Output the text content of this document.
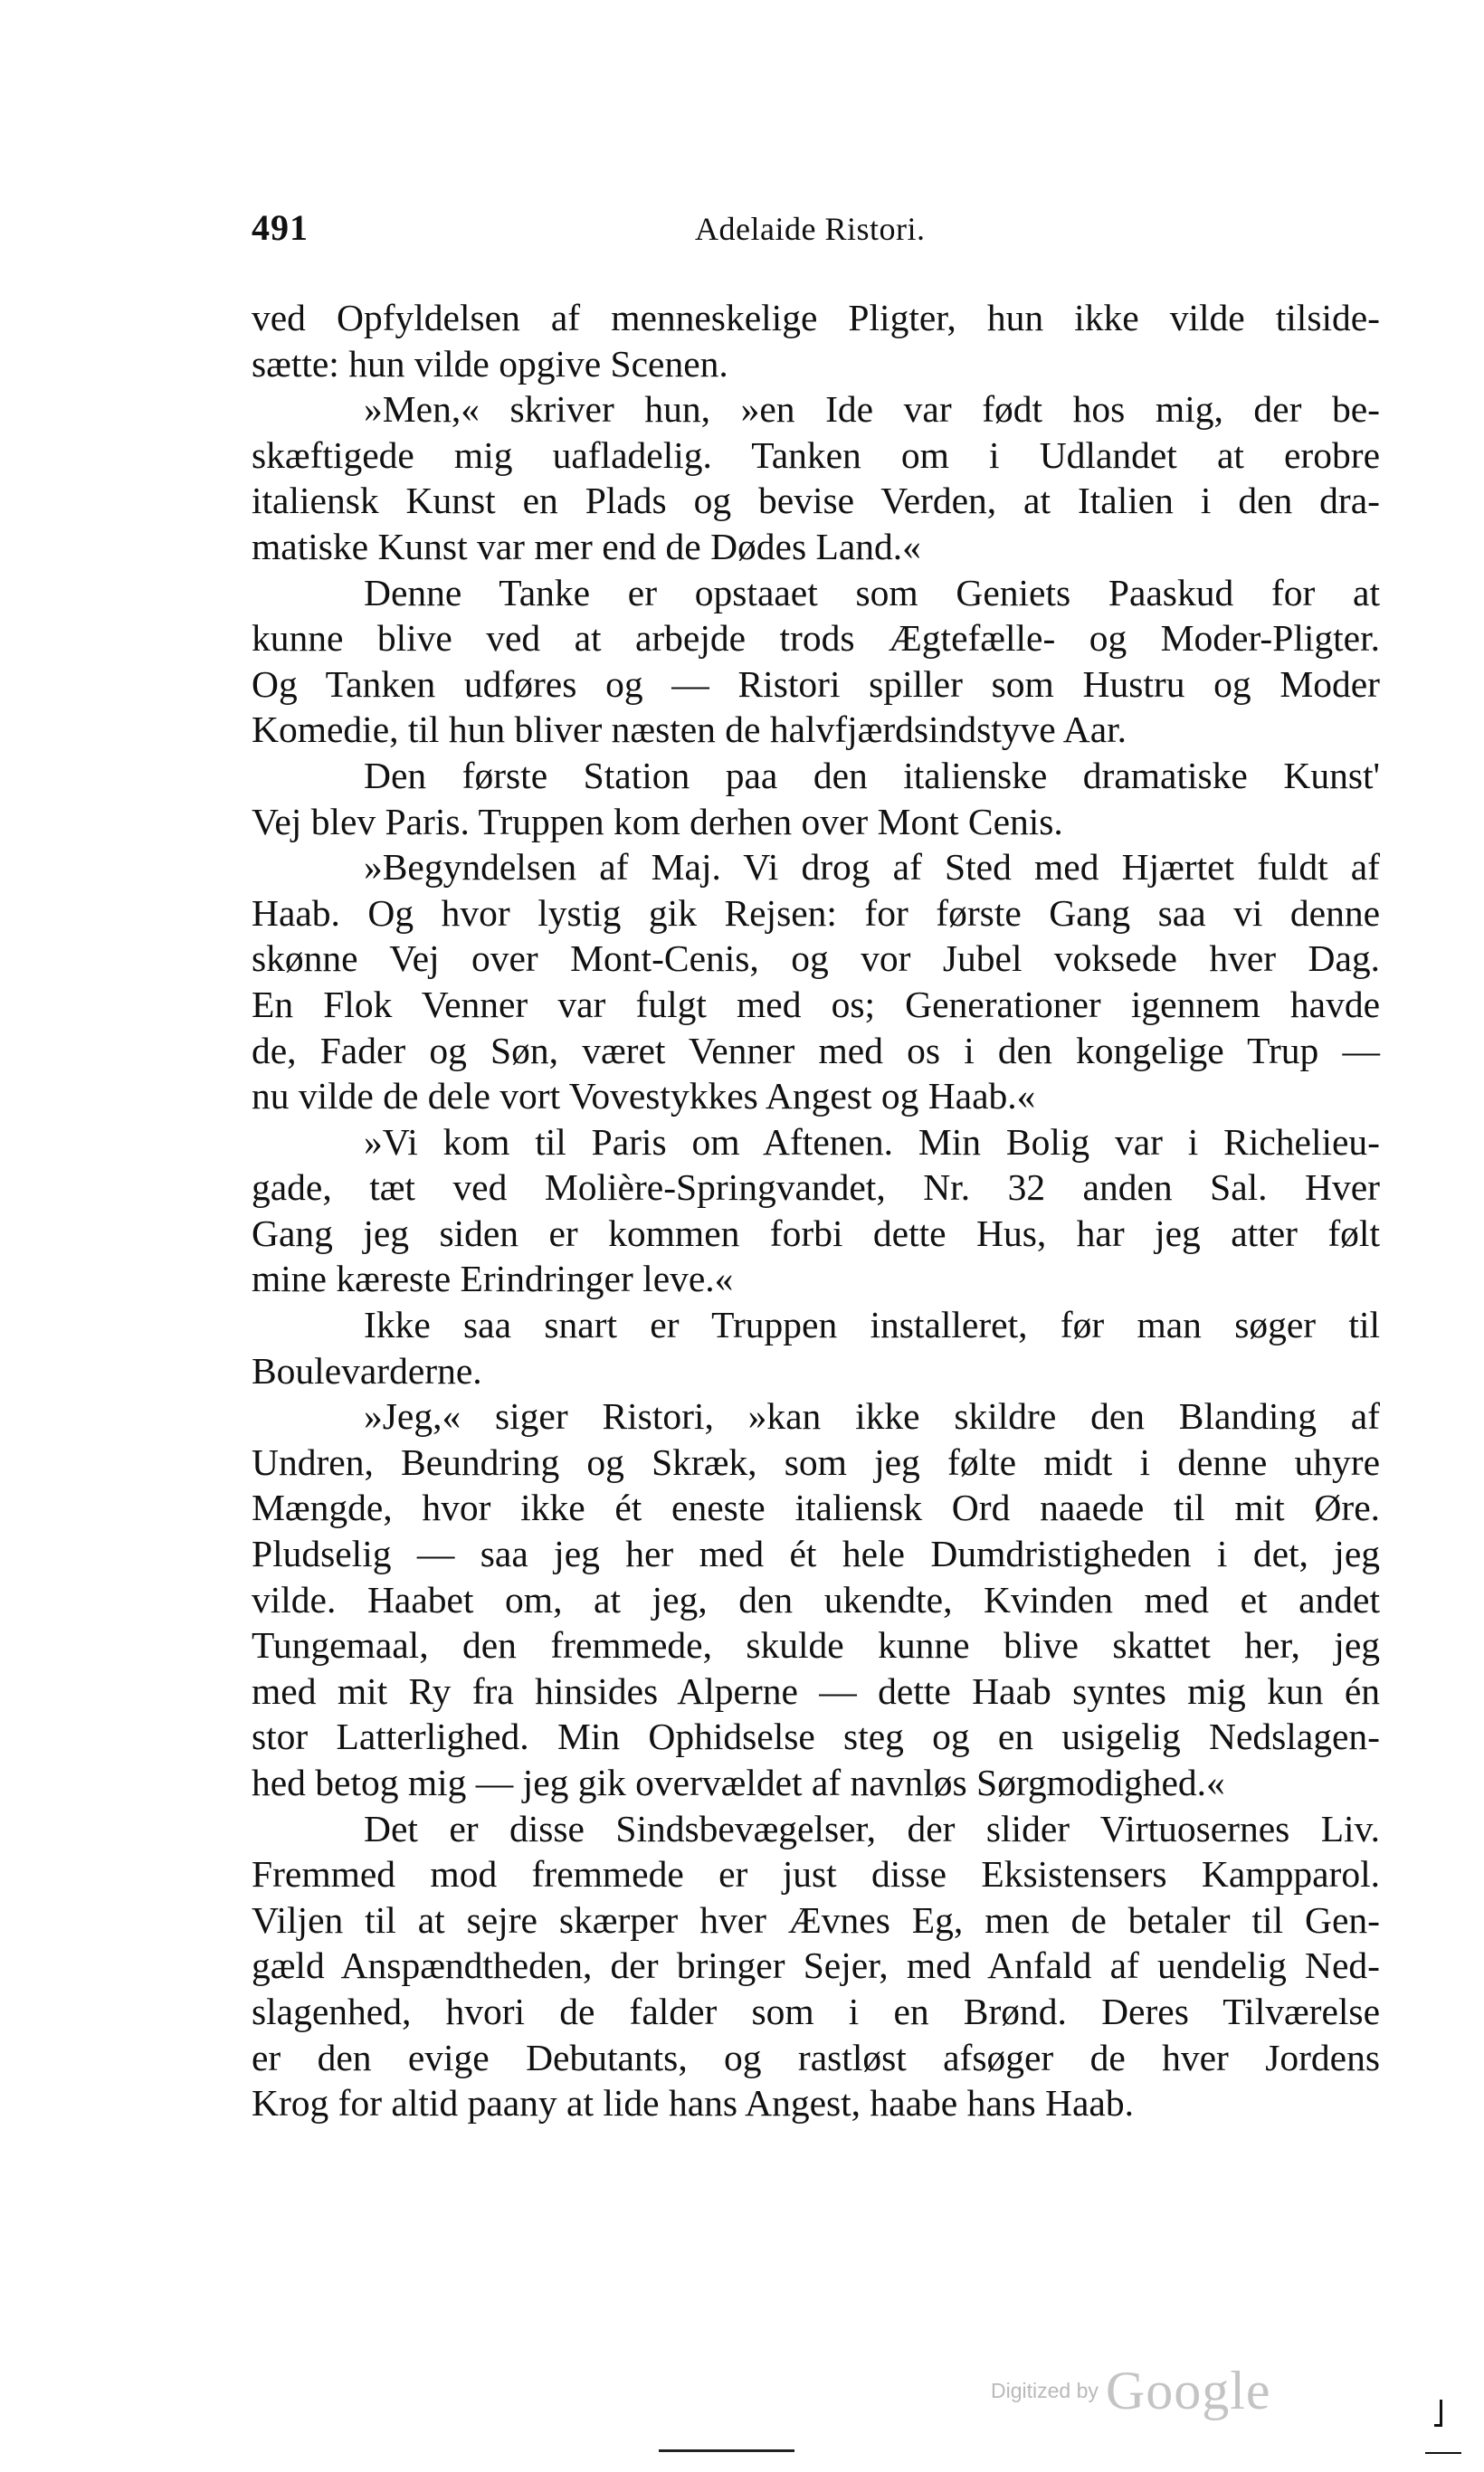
491	Adelaide Ristori.
ved Opfyldelsen af menneskelige Pligter, hun ikke vilde tilside-
sætte: hun vilde opgive Scenen.
»Men,« skriver hun, »en Ide var født hos mig, der be-
skæftigede mig uafladelig. Tanken om i Udlandet at erobre
italiensk Kunst en Plads og bevise Verden, at Italien i den dra-
matiske Kunst var mer end de Dødes Land.«
Denne Tanke er opstaaet som Geniets Paaskud for at
kunne blive ved at arbejde trods Ægtefælle- og Moder-Pligter.
Og Tanken udføres og — Ristori spiller som Hustru og Moder
Komedie, til hun bliver næsten de halvfjærdsindstyve Aar.
Den første Station paa den italienske dramatiske Kunst'
Vej blev Paris. Truppen kom derhen over Mont Cenis.
»Begyndelsen af Maj. Vi drog af Sted med Hjærtet fuldt af
Haab. Og hvor lystig gik Rejsen: for første Gang saa vi denne
skønne Vej over Mont-Cenis, og vor Jubel voksede hver Dag.
En Flok Venner var fulgt med os; Generationer igennem havde
de, Fader og Søn, været Venner med os i den kongelige Trup —
nu vilde de dele vort Vovestykkes Angest og Haab.«
»Vi kom til Paris om Aftenen. Min Bolig var i Richelieu-
gade, tæt ved Molière-Springvandet, Nr. 32 anden Sal. Hver
Gang jeg siden er kommen forbi dette Hus, har jeg atter følt
mine kæreste Erindringer leve.«
Ikke saa snart er Truppen installeret, før man søger til
Boulevarderne.
»Jeg,« siger Ristori, »kan ikke skildre den Blanding af
Undren, Beundring og Skræk, som jeg følte midt i denne uhyre
Mængde, hvor ikke ét eneste italiensk Ord naaede til mit Øre.
Pludselig — saa jeg her med ét hele Dumdristigheden i det, jeg
vilde. Haabet om, at jeg, den ukendte, Kvinden med et andet
Tungemaal, den fremmede, skulde kunne blive skattet her, jeg
med mit Ry fra hinsides Alperne — dette Haab syntes mig kun én
stor Latterlighed. Min Ophidselse steg og en usigelig Nedslagen-
hed betog mig — jeg gik overvældet af navnløs Sørgmodighed.«
Det er disse Sindsbevægelser, der slider Virtuosernes Liv.
Fremmed mod fremmede er just disse Eksistensers Kampparol.
Viljen til at sejre skærper hver Ævnes Eg, men de betaler til Gen-
gæld Anspændtheden, der bringer Sejer, med Anfald af uendelig Ned-
slagenhed, hvori de falder som i en Brønd. Deres Tilværelse
er den evige Debutants, og rastløst afsøger de hver Jordens
Krog for altid paany at lide hans Angest, haabe hans Haab.
Digitized by Google
